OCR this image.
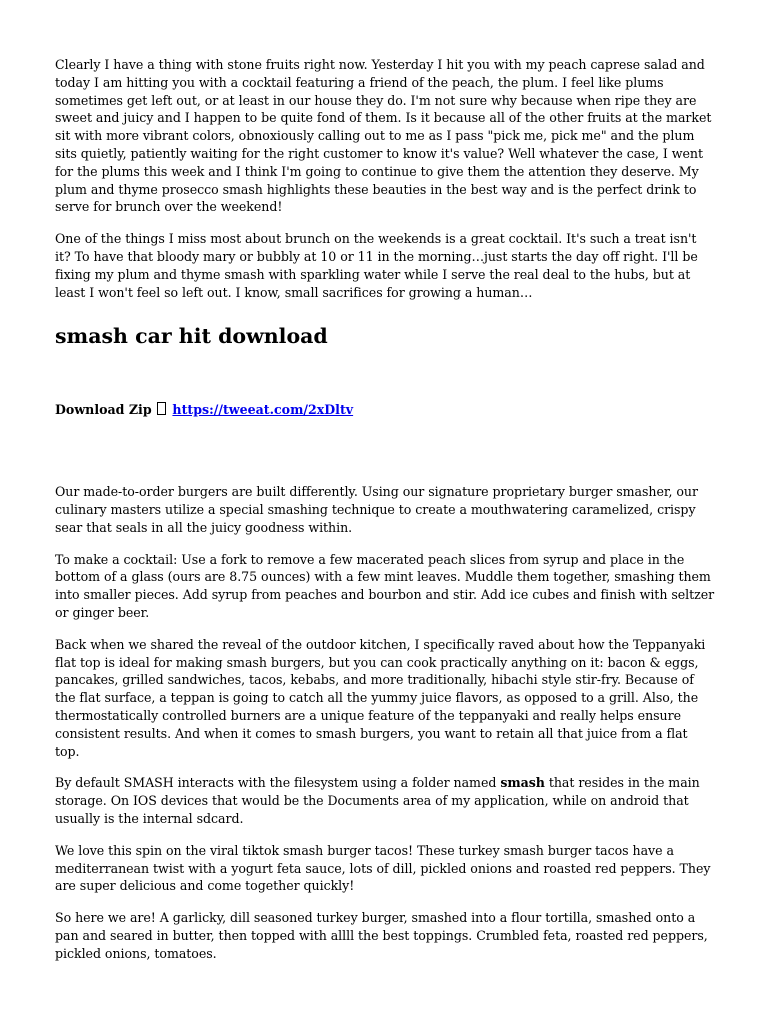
Clearly I have a thing with stone fruits right now. Yesterday I hit you with my peach caprese salad and today I am hitting you with a cocktail featuring a friend of the peach, the plum. I feel like plums sometimes get left out, or at least in our house they do. I'm not sure why because when ripe they are sweet and juicy and I happen to be quite fond of them. Is it because all of the other fruits at the market sit with more vibrant colors, obnoxiously calling out to me as I pass "pick me, pick me" and the plum sits quietly, patiently waiting for the right customer to know it's value? Well whatever the case, I went for the plums this week and I think I'm going to continue to give them the attention they deserve. My plum and thyme prosecco smash highlights these beauties in the best way and is the perfect drink to serve for brunch over the weekend!

One of the things I miss most about brunch on the weekends is a great cocktail. It's such a treat isn't it? To have that bloody mary or bubbly at 10 or 11 in the morning…just starts the day off right. I'll be fixing my plum and thyme smash with sparkling water while I serve the real deal to the hubs, but at least I won't feel so left out. I know, small sacrifices for growing a human…

smash car hit download
Download Zip https://tweeat.com/2xDltv

Our made-to-order burgers are built differently. Using our signature proprietary burger smasher, our culinary masters utilize a special smashing technique to create a mouthwatering caramelized, crispy sear that seals in all the juicy goodness within.

To make a cocktail: Use a fork to remove a few macerated peach slices from syrup and place in the bottom of a glass (ours are 8.75 ounces) with a few mint leaves. Muddle them together, smashing them into smaller pieces. Add syrup from peaches and bourbon and stir. Add ice cubes and finish with seltzer or ginger beer.

Back when we shared the reveal of the outdoor kitchen, I specifically raved about how the Teppanyaki flat top is ideal for making smash burgers, but you can cook practically anything on it: bacon & eggs, pancakes, grilled sandwiches, tacos, kebabs, and more traditionally, hibachi style stir-fry. Because of the flat surface, a teppan is going to catch all the yummy juice flavors, as opposed to a grill. Also, the thermostatically controlled burners are a unique feature of the teppanyaki and really helps ensure consistent results. And when it comes to smash burgers, you want to retain all that juice from a flat top.

By default SMASH interacts with the filesystem using a folder named smash that resides in the main storage. On IOS devices that would be the Documents area of my application, while on android that usually is the internal sdcard.

We love this spin on the viral tiktok smash burger tacos! These turkey smash burger tacos have a mediterranean twist with a yogurt feta sauce, lots of dill, pickled onions and roasted red peppers. They are super delicious and come together quickly!

So here we are! A garlicky, dill seasoned turkey burger, smashed into a flour tortilla, smashed onto a pan and seared in butter, then topped with allll the best toppings. Crumbled feta, roasted red peppers, pickled onions, tomatoes.
